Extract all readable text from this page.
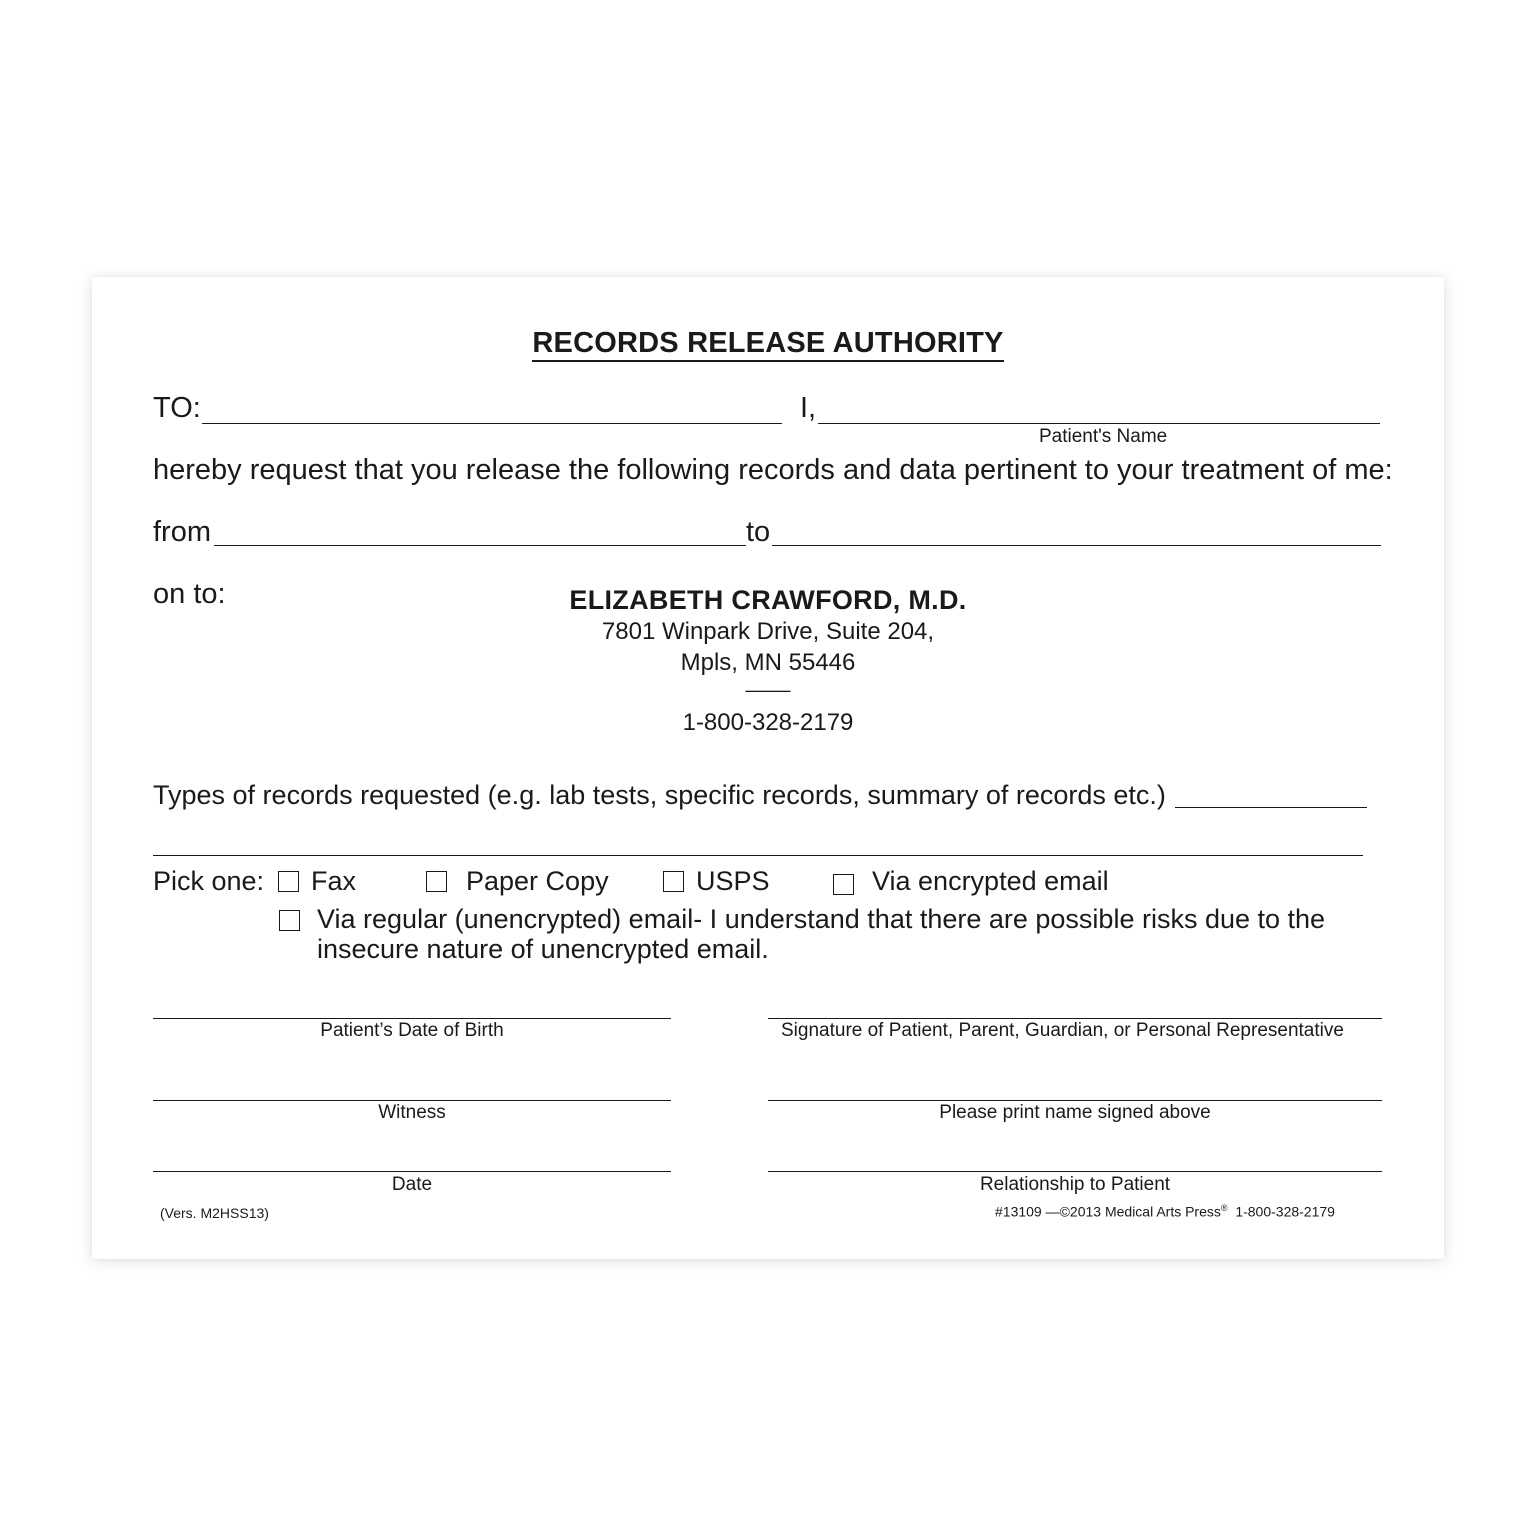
RECORDS RELEASE AUTHORITY
TO:	I,
Patient's Name
hereby request that you release the following records and data pertinent to your treatment of me:
from	to
on to:	ELIZABETH CRAWFORD, M.D.
7801 Winpark Drive, Suite 204,
Mpls, MN 55446
____
1-800-328-2179
Types of records requested (e.g. lab tests, specific records, summary of records etc.)
Pick one: Fax	Paper Copy	USPS	Via encrypted email
Via regular (unencrypted) email- I understand that there are possible risks due to the
insecure nature of unencrypted email.
Patient’s Date of Birth	Signature of Patient, Parent, Guardian, or Personal Representative
Witness	Please print name signed above
Date	Relationship to Patient
(Vers. M2HSS13)	#13109 —©2013 Medical Arts Press® 1-800-328-2179
